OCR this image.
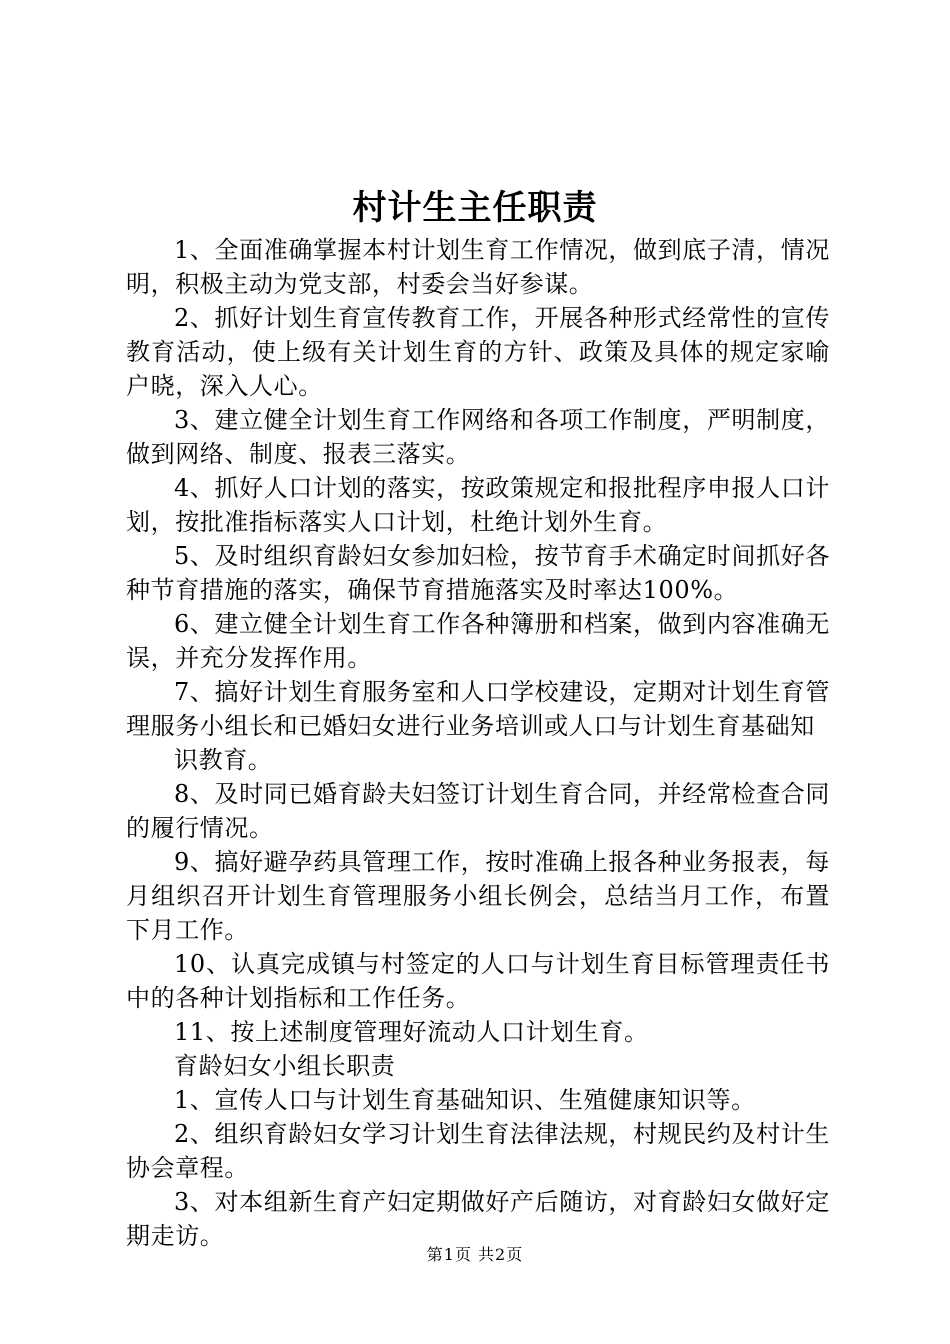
村计生主任职责

1、全面准确掌握本村计划生育工作情况，做到底子清，情况明，积极主动为党支部，村委会当好参谋。

2、抓好计划生育宣传教育工作，开展各种形式经常性的宣传教育活动，使上级有关计划生育的方针、政策及具体的规定家喻户晓，深入人心。

3、建立健全计划生育工作网络和各项工作制度，严明制度，做到网络、制度、报表三落实。

4、抓好人口计划的落实，按政策规定和报批程序申报人口计划，按批准指标落实人口计划，杜绝计划外生育。

5、及时组织育龄妇女参加妇检，按节育手术确定时间抓好各种节育措施的落实，确保节育措施落实及时率达100%。

6、建立健全计划生育工作各种簿册和档案，做到内容准确无误，并充分发挥作用。

7、搞好计划生育服务室和人口学校建设，定期对计划生育管理服务小组长和已婚妇女进行业务培训或人口与计划生育基础知

识教育。

8、及时同已婚育龄夫妇签订计划生育合同，并经常检查合同的履行情况。

9、搞好避孕药具管理工作，按时准确上报各种业务报表，每月组织召开计划生育管理服务小组长例会，总结当月工作，布置下月工作。

10、认真完成镇与村签定的人口与计划生育目标管理责任书中的各种计划指标和工作任务。

11、按上述制度管理好流动人口计划生育。

育龄妇女小组长职责

1、宣传人口与计划生育基础知识、生殖健康知识等。

2、组织育龄妇女学习计划生育法律法规，村规民约及村计生协会章程。

3、对本组新生育产妇定期做好产后随访，对育龄妇女做好定期走访。

第1页 共2页
